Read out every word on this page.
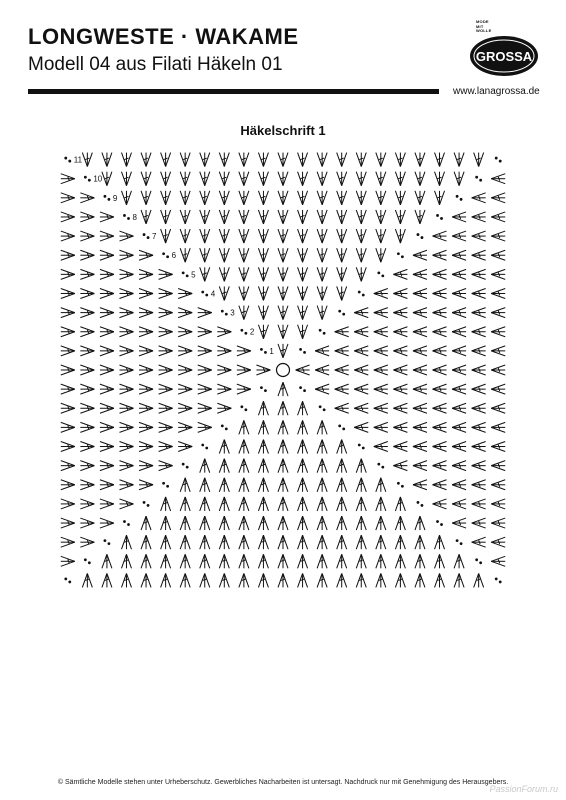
LONGWESTE · WAKAME
Modell 04 aus Filati Häkeln 01
MODE
MIT
WOLLE
GROSSA
www.lanagrossa.de
Häkelschrift 1
1
2
3
4
5
6
7
8
9
10
11
© Sämtliche Modelle stehen unter Urheberschutz. Gewerbliches Nacharbeiten ist untersagt. Nachdruck nur mit Genehmigung des Herausgebers.
PassionForum.ru
